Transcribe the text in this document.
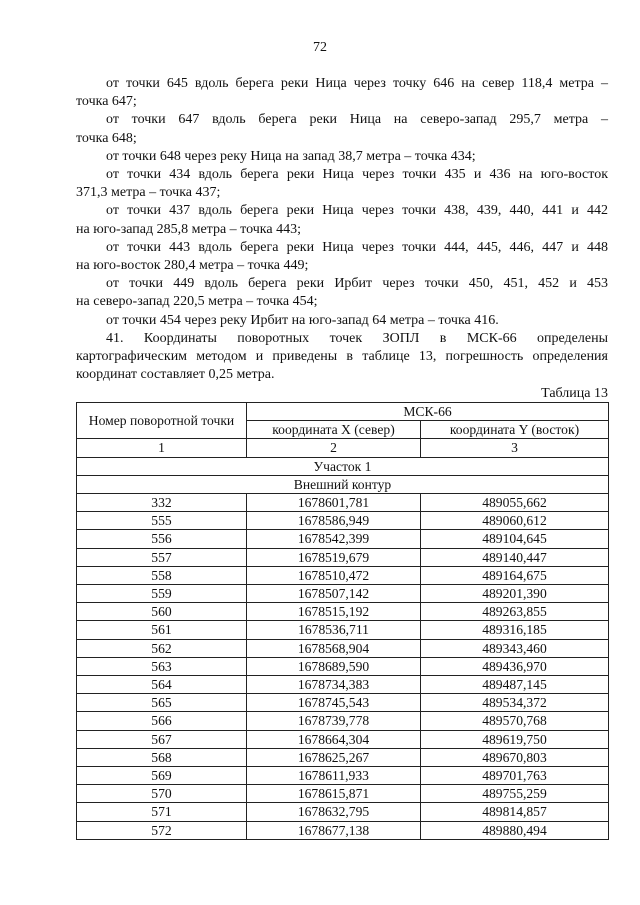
72

от точки 645 вдоль берега реки Ница через точку 646 на север 118,4 метра –

точка 647;

от точки 647 вдоль берега реки Ница на северо-запад 295,7 метра –

точка 648;

от точки 648 через реку Ница на запад 38,7 метра – точка 434;

от точки 434 вдоль берега реки Ница через точки 435 и 436 на юго-восток

371,3 метра – точка 437;

от точки 437 вдоль берега реки Ница через точки 438, 439, 440, 441 и 442

на юго-запад 285,8 метра – точка 443;

от точки 443 вдоль берега реки Ница через точки 444, 445, 446, 447 и 448

на юго-восток 280,4 метра – точка 449;

от точки 449 вдоль берега реки Ирбит через точки 450, 451, 452 и 453

на северо-запад 220,5 метра – точка 454;

от точки 454 через реку Ирбит на юго-запад 64 метра – точка 416.

41. Координаты поворотных точек ЗОПЛ в МСК-66 определены

картографическим методом и приведены в таблице 13, погрешность определения

координат составляет 0,25 метра.

Таблица 13
Номер поворотной точки	МСК-66	
	координата X (север)	координата Y (восток)
1	2	3
Участок 1		
Внешний контур		
332	1678601,781	489055,662
555	1678586,949	489060,612
556	1678542,399	489104,645
557	1678519,679	489140,447
558	1678510,472	489164,675
559	1678507,142	489201,390
560	1678515,192	489263,855
561	1678536,711	489316,185
562	1678568,904	489343,460
563	1678689,590	489436,970
564	1678734,383	489487,145
565	1678745,543	489534,372
566	1678739,778	489570,768
567	1678664,304	489619,750
568	1678625,267	489670,803
569	1678611,933	489701,763
570	1678615,871	489755,259
571	1678632,795	489814,857
572	1678677,138	489880,494
